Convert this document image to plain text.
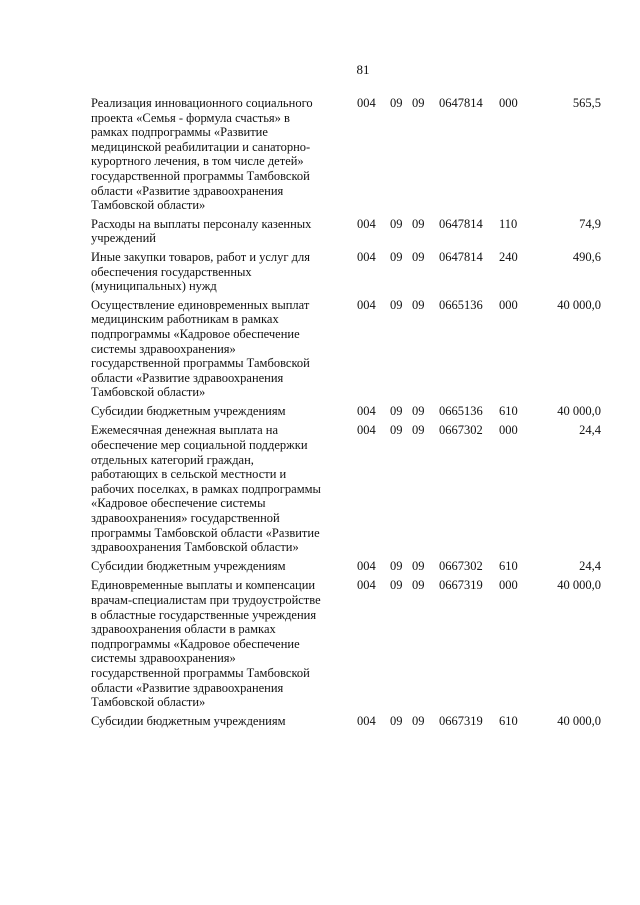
81
Реализация инновационного социального
проекта «Семья - формула счастья» в
рамках подпрограммы «Развитие
медицинской реабилитации и санаторно-
курортного лечения, в том числе детей»
государственной программы Тамбовской
области «Развитие здравоохранения
Тамбовской области»
004 09 09 0647814 000	565,5
Расходы на выплаты персоналу казенных
учреждений
004 09 09 0647814 110	74,9
Иные закупки товаров, работ и услуг для
обеспечения государственных
(муниципальных) нужд
004 09 09 0647814 240	490,6
Осуществление единовременных выплат
медицинским работникам в рамках
подпрограммы «Кадровое обеспечение
системы здравоохранения»
государственной программы Тамбовской
области «Развитие здравоохранения
Тамбовской области»
004 09 09 0665136 000	40 000,0
Субсидии бюджетным учреждениям	004 09 09 0665136 610	40 000,0
Ежемесячная денежная выплата на
обеспечение мер социальной поддержки
отдельных категорий граждан,
работающих в сельской местности и
рабочих поселках, в рамках подпрограммы
«Кадровое обеспечение системы
здравоохранения» государственной
программы Тамбовской области «Развитие
здравоохранения Тамбовской области»
004 09 09 0667302 000	24,4
Субсидии бюджетным учреждениям	004 09 09 0667302 610	24,4
Единовременные выплаты и компенсации
врачам-специалистам при трудоустройстве
в областные государственные учреждения
здравоохранения области в рамках
подпрограммы «Кадровое обеспечение
системы здравоохранения»
государственной программы Тамбовской
области «Развитие здравоохранения
Тамбовской области»
004 09 09 0667319 000	40 000,0
Субсидии бюджетным учреждениям	004 09 09 0667319 610	40 000,0
